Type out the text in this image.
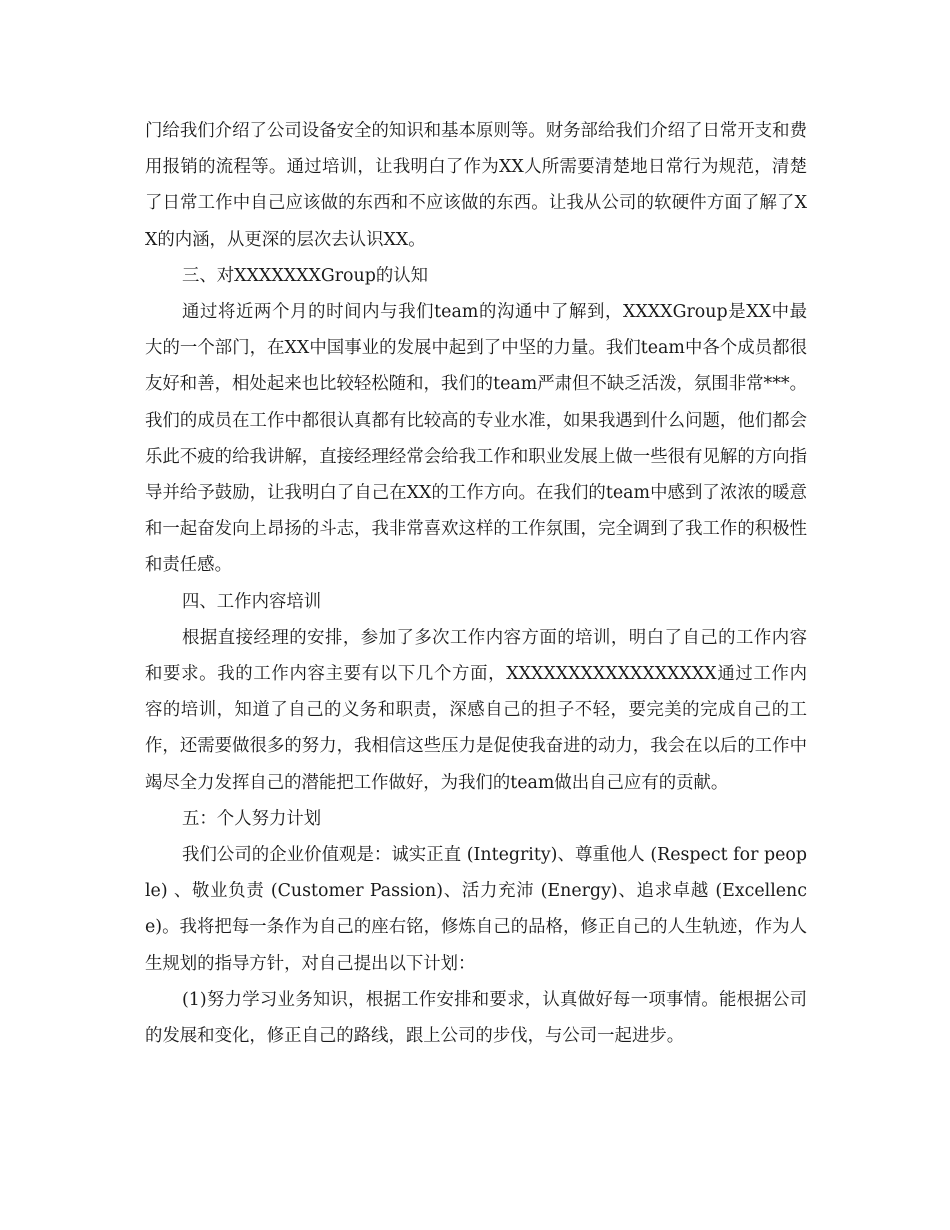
门给我们介绍了公司设备安全的知识和基本原则等。财务部给我们介绍了日常开支和费用报销的流程等。通过培训，让我明白了作为XX人所需要清楚地日常行为规范，清楚了日常工作中自己应该做的东西和不应该做的东西。让我从公司的软硬件方面了解了XX的内涵，从更深的层次去认识XX。

三、对XXXXXXXGroup的认知

通过将近两个月的时间内与我们team的沟通中了解到，XXXXGroup是XX中最大的一个部门，在XX中国事业的发展中起到了中坚的力量。我们team中各个成员都很友好和善，相处起来也比较轻松随和，我们的team严肃但不缺乏活泼，氛围非常***。我们的成员在工作中都很认真都有比较高的专业水准，如果我遇到什么问题，他们都会乐此不疲的给我讲解，直接经理经常会给我工作和职业发展上做一些很有见解的方向指导并给予鼓励，让我明白了自己在XX的工作方向。在我们的team中感到了浓浓的暖意和一起奋发向上昂扬的斗志，我非常喜欢这样的工作氛围，完全调到了我工作的积极性和责任感。

四、工作内容培训

根据直接经理的安排，参加了多次工作内容方面的培训，明白了自己的工作内容和要求。我的工作内容主要有以下几个方面，XXXXXXXXXXXXXXXXX通过工作内容的培训，知道了自己的义务和职责，深感自己的担子不轻，要完美的完成自己的工作，还需要做很多的努力，我相信这些压力是促使我奋进的动力，我会在以后的工作中竭尽全力发挥自己的潜能把工作做好，为我们的team做出自己应有的贡献。

五：个人努力计划

我们公司的企业价值观是：诚实正直 (Integrity)、尊重他人 (Respect for people) 、敬业负责 (Customer Passion)、活力充沛 (Energy)、追求卓越 (Excellence)。我将把每一条作为自己的座右铭，修炼自己的品格，修正自己的人生轨迹，作为人生规划的指导方针，对自己提出以下计划：

(1)努力学习业务知识，根据工作安排和要求，认真做好每一项事情。能根据公司的发展和变化，修正自己的路线，跟上公司的步伐，与公司一起进步。
